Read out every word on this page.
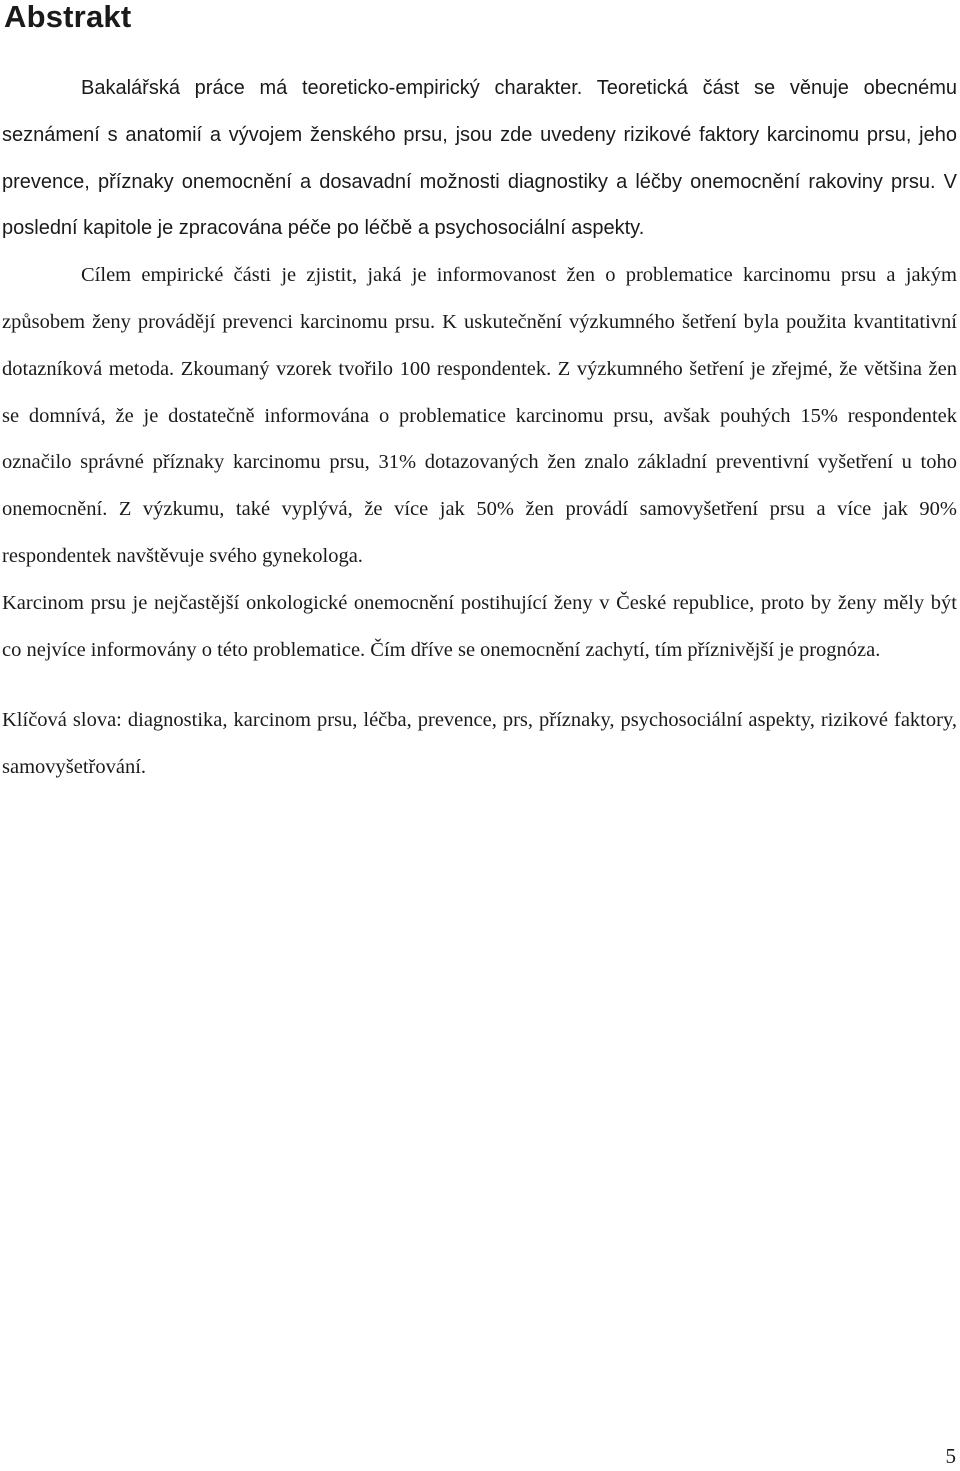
Abstrakt

Bakalářská práce má teoreticko-empirický charakter. Teoretická část se věnuje obecnému seznámení s anatomií a vývojem ženského prsu, jsou zde uvedeny rizikové faktory karcinomu prsu, jeho prevence, příznaky onemocnění a dosavadní možnosti diagnostiky a léčby onemocnění rakoviny prsu. V poslední kapitole je zpracována péče po léčbě a psychosociální aspekty.

Cílem empirické části je zjistit, jaká je informovanost žen o problematice karcinomu prsu a jakým způsobem ženy provádějí prevenci karcinomu prsu. K uskutečnění výzkumného šetření byla použita kvantitativní dotazníková metoda. Zkoumaný vzorek tvořilo 100 respondentek. Z výzkumného šetření je zřejmé, že většina žen se domnívá, že je dostatečně informována o problematice karcinomu prsu, avšak pouhých 15% respondentek označilo správné příznaky karcinomu prsu, 31% dotazovaných žen znalo základní preventivní vyšetření u toho onemocnění. Z výzkumu, také vyplývá, že více jak 50% žen provádí samovyšetření prsu a více jak 90% respondentek navštěvuje svého gynekologa.

Karcinom prsu je nejčastější onkologické onemocnění postihující ženy v České republice, proto by ženy měly být co nejvíce informovány o této problematice. Čím dříve se onemocnění zachytí, tím příznivější je prognóza.

Klíčová slova: diagnostika, karcinom prsu, léčba, prevence, prs, příznaky, psychosociální aspekty, rizikové faktory, samovyšetřování.

5
